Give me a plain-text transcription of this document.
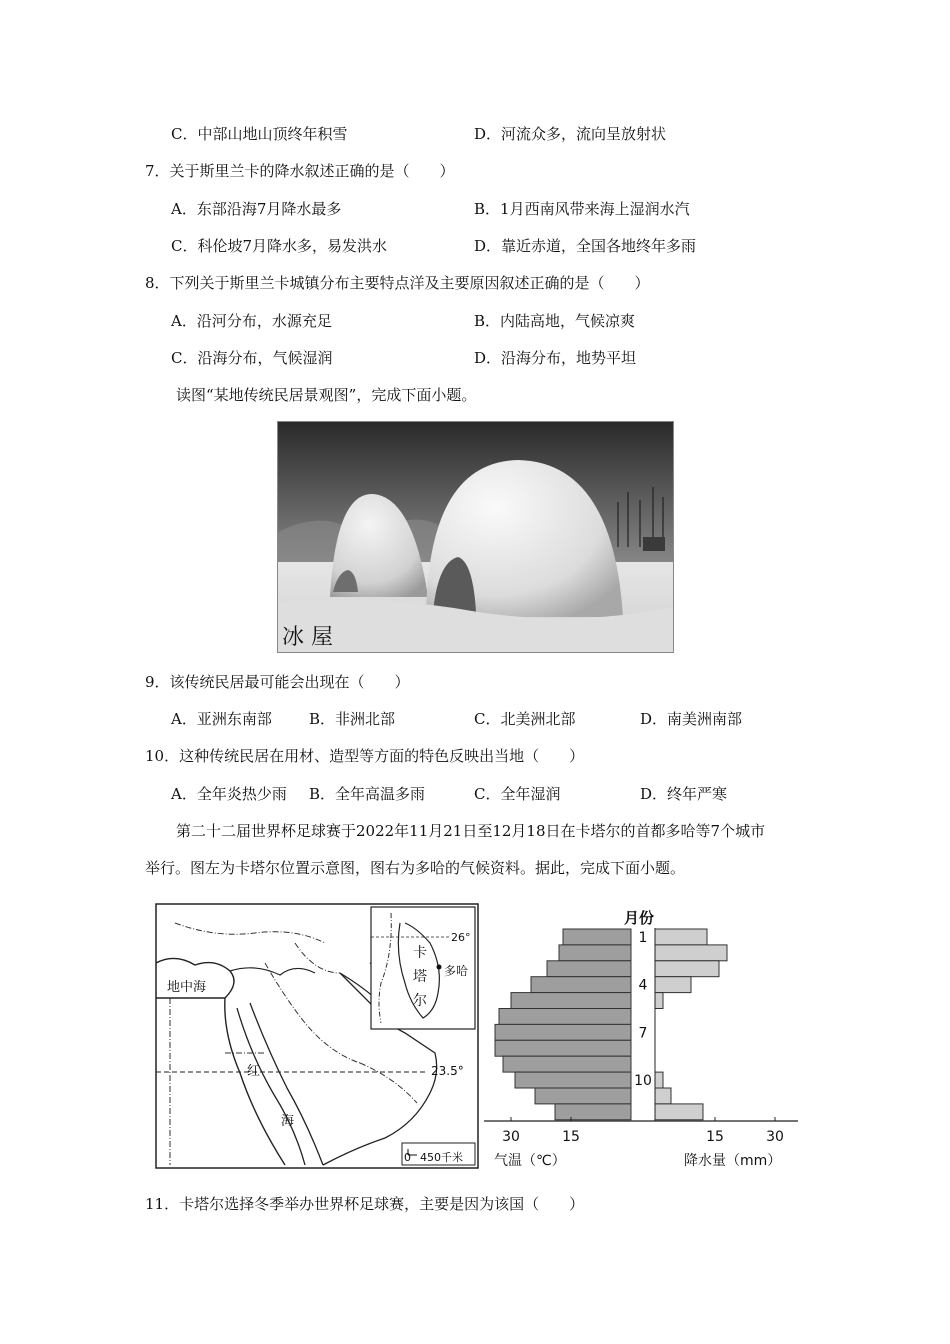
C．中部山地山顶终年积雪	D．河流众多，流向呈放射状
7．关于斯里兰卡的降水叙述正确的是（　　）
A．东部沿海7月降水最多	B．1月西南风带来海上湿润水汽
C．科伦坡7月降水多，易发洪水	D．靠近赤道，全国各地终年多雨
8．下列关于斯里兰卡城镇分布主要特点洋及主要原因叙述正确的是（　　）
A．沿河分布，水源充足	B．内陆高地，气候凉爽
C．沿海分布，气候湿润	D．沿海分布，地势平坦
读图“某地传统民居景观图”，完成下面小题。
冰 屋
9．该传统民居最可能会出现在（　　）
A．亚洲东南部 B．非洲北部	C．北美洲北部	D．南美洲南部
10．这种传统民居在用材、造型等方面的特色反映出当地（　　）
A．全年炎热少雨 B．全年高温多雨	C．全年湿润	D．终年严寒
第二十二届世界杯足球赛于2022年11月21日至12月18日在卡塔尔的首都多哈等7个城市
举行。图左为卡塔尔位置示意图，图右为多哈的气候资料。据此，完成下面小题。
23.5°
地中海
红
海
26°
卡
塔
尔
多哈
0 450千米
月份
1
4
7
10
30	15	15	30
气温（℃）	降水量（mm）
11．卡塔尔选择冬季举办世界杯足球赛，主要是因为该国（　　）
